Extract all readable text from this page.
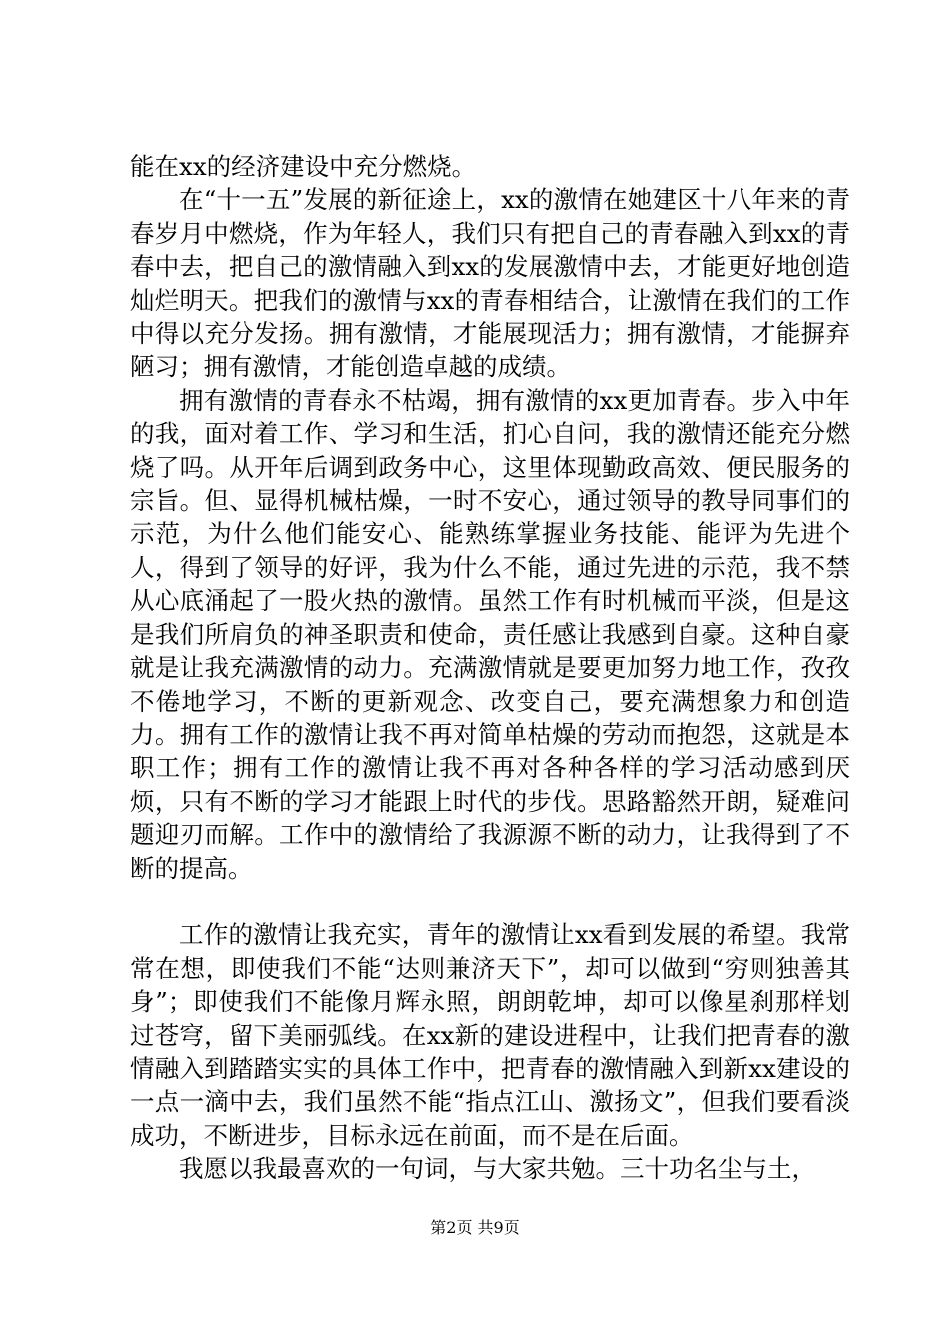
能在xx的经济建设中充分燃烧。

在“十一五”发展的新征途上，xx的激情在她建区十八年来的青春岁月中燃烧，作为年轻人，我们只有把自己的青春融入到xx的青春中去，把自己的激情融入到xx的发展激情中去，才能更好地创造灿烂明天。把我们的激情与xx的青春相结合，让激情在我们的工作中得以充分发扬。拥有激情，才能展现活力；拥有激情，才能摒弃陋习；拥有激情，才能创造卓越的成绩。

拥有激情的青春永不枯竭，拥有激情的xx更加青春。步入中年的我，面对着工作、学习和生活，扪心自问，我的激情还能充分燃烧了吗。从开年后调到政务中心，这里体现勤政高效、便民服务的宗旨。但、显得机械枯燥，一时不安心，通过领导的教导同事们的示范，为什么他们能安心、能熟练掌握业务技能、能评为先进个人，得到了领导的好评，我为什么不能，通过先进的示范，我不禁从心底涌起了一股火热的激情。虽然工作有时机械而平淡，但是这是我们所肩负的神圣职责和使命，责任感让我感到自豪。这种自豪就是让我充满激情的动力。充满激情就是要更加努力地工作，孜孜不倦地学习，不断的更新观念、改变自己，要充满想象力和创造力。拥有工作的激情让我不再对简单枯燥的劳动而抱怨，这就是本职工作；拥有工作的激情让我不再对各种各样的学习活动感到厌烦，只有不断的学习才能跟上时代的步伐。思路豁然开朗，疑难问题迎刃而解。工作中的激情给了我源源不断的动力，让我得到了不断的提高。

工作的激情让我充实，青年的激情让xx看到发展的希望。我常常在想，即使我们不能“达则兼济天下”，却可以做到“穷则独善其身”；即使我们不能像月辉永照，朗朗乾坤，却可以像星刹那样划过苍穹，留下美丽弧线。在xx新的建设进程中，让我们把青春的激情融入到踏踏实实的具体工作中，把青春的激情融入到新xx建设的一点一滴中去，我们虽然不能“指点江山、激扬文”，但我们要看淡成功，不断进步，目标永远在前面，而不是在后面。

我愿以我最喜欢的一句词，与大家共勉。三十功名尘与土，

第2页 共9页
